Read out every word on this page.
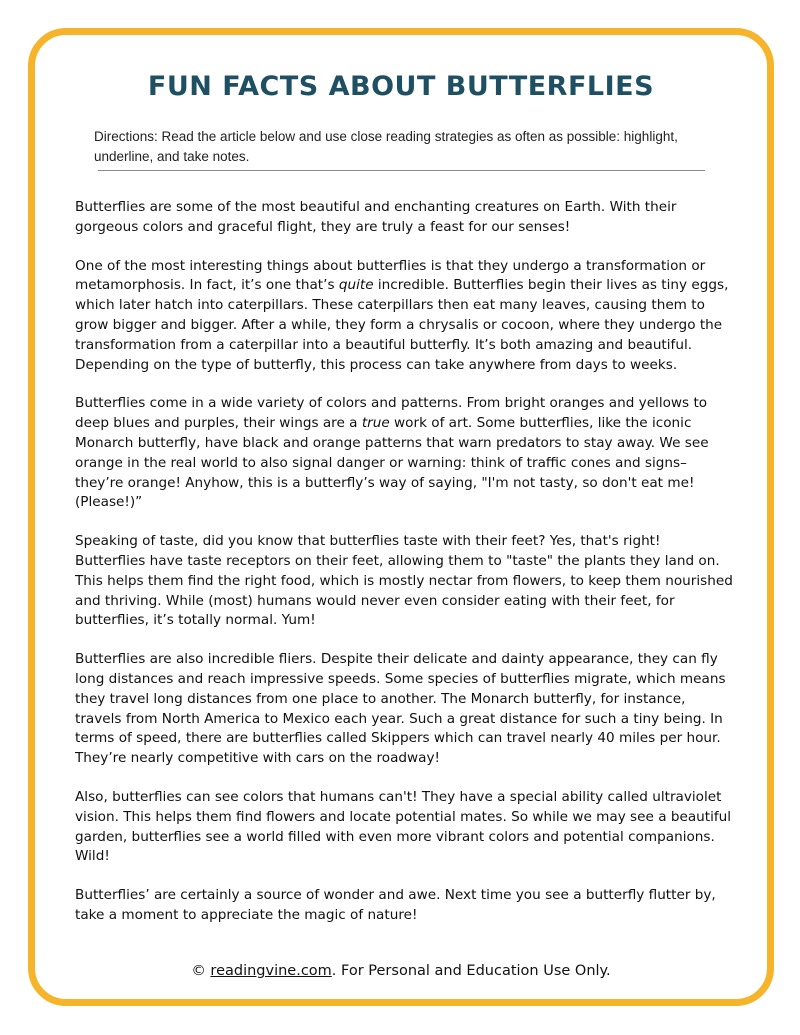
FUN FACTS ABOUT BUTTERFLIES
Directions: Read the article below and use close reading strategies as often as possible: highlight, underline, and take notes.

Butterflies are some of the most beautiful and enchanting creatures on Earth. With their gorgeous colors and graceful flight, they are truly a feast for our senses!

One of the most interesting things about butterflies is that they undergo a transformation or metamorphosis. In fact, it’s one that’s quite incredible. Butterflies begin their lives as tiny eggs, which later hatch into caterpillars. These caterpillars then eat many leaves, causing them to grow bigger and bigger. After a while, they form a chrysalis or cocoon, where they undergo the transformation from a caterpillar into a beautiful butterfly. It’s both amazing and beautiful. Depending on the type of butterfly, this process can take anywhere from days to weeks.

Butterflies come in a wide variety of colors and patterns. From bright oranges and yellows to deep blues and purples, their wings are a true work of art. Some butterflies, like the iconic Monarch butterfly, have black and orange patterns that warn predators to stay away. We see orange in the real world to also signal danger or warning: think of traffic cones and signs–they’re orange! Anyhow, this is a butterfly’s way of saying, "I'm not tasty, so don't eat me! (Please!)”

Speaking of taste, did you know that butterflies taste with their feet? Yes, that's right! Butterflies have taste receptors on their feet, allowing them to "taste" the plants they land on. This helps them find the right food, which is mostly nectar from flowers, to keep them nourished and thriving. While (most) humans would never even consider eating with their feet, for butterflies, it’s totally normal. Yum!

Butterflies are also incredible fliers. Despite their delicate and dainty appearance, they can fly long distances and reach impressive speeds. Some species of butterflies migrate, which means they travel long distances from one place to another. The Monarch butterfly, for instance, travels from North America to Mexico each year. Such a great distance for such a tiny being. In terms of speed, there are butterflies called Skippers which can travel nearly 40 miles per hour. They’re nearly competitive with cars on the roadway!

Also, butterflies can see colors that humans can't! They have a special ability called ultraviolet vision. This helps them find flowers and locate potential mates. So while we may see a beautiful garden, butterflies see a world filled with even more vibrant colors and potential companions. Wild!

Butterflies’ are certainly a source of wonder and awe. Next time you see a butterfly flutter by, take a moment to appreciate the magic of nature!

© readingvine.com. For Personal and Education Use Only.
